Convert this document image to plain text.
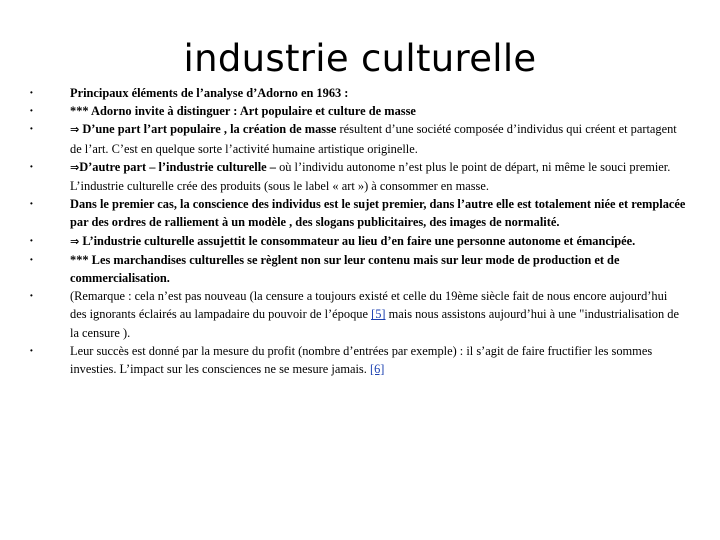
industrie culturelle
• Principaux éléments de l’analyse d’Adorno en 1963 :
• *** Adorno invite à distinguer : Art populaire et culture de masse
• ⇒ D’une part l’art populaire , la création de masse résultent d’une société composée d’individus qui créent et partagent de l’art. C’est en quelque sorte l’activité humaine artistique originelle.
• ⇒D’autre part – l’industrie culturelle – où l’individu autonome n’est plus le point de départ, ni même le souci premier. L’industrie culturelle crée des produits (sous le label « art ») à consommer en masse.
• Dans le premier cas, la conscience des individus est le sujet premier, dans l’autre elle est totalement niée et remplacée par des ordres de ralliement à un modèle , des slogans publicitaires, des images de normalité.
• ⇒ L’industrie culturelle assujettit le consommateur au lieu d’en faire une personne autonome et émancipée.
• *** Les marchandises culturelles se règlent non sur leur contenu mais sur leur mode de production et de commercialisation.
• (Remarque : cela n’est pas nouveau (la censure a toujours existé et celle du 19ème siècle fait de nous encore aujourd’hui des ignorants éclairés au lampadaire du pouvoir de l’époque [5] mais nous assistons aujourd’hui à une "industrialisation de la censure ).
• Leur succès est donné par la mesure du profit (nombre d’entrées par exemple) : il s’agit de faire fructifier les sommes investies. L’impact sur les consciences ne se mesure jamais. [6]
